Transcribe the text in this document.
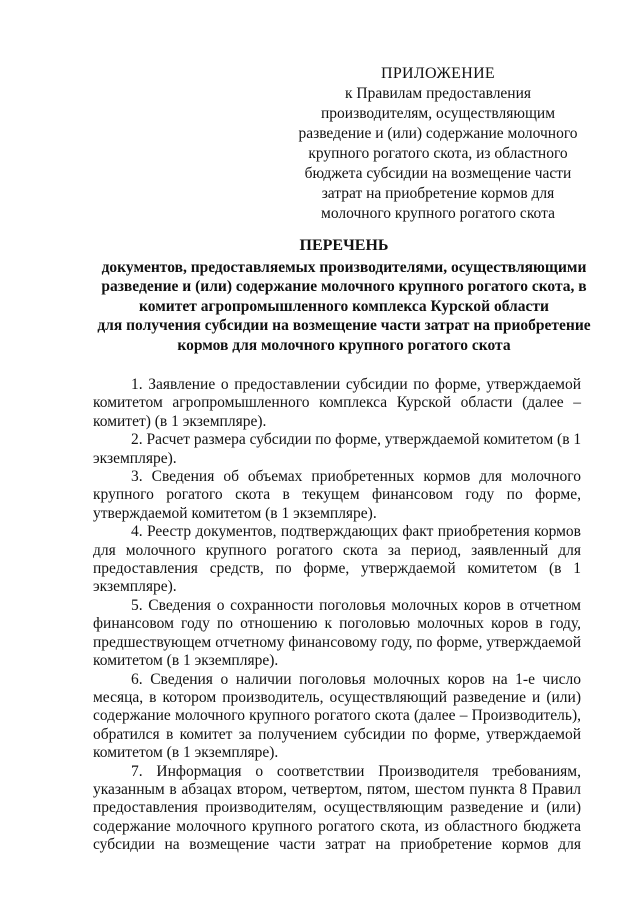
ПРИЛОЖЕНИЕ
к Правилам предоставления
производителям, осуществляющим
разведение и (или) содержание молочного
крупного рогатого скота, из областного
бюджета субсидии на возмещение части
затрат на приобретение кормов для
молочного крупного рогатого скота
ПЕРЕЧЕНЬ
документов, предоставляемых производителями, осуществляющими
разведение и (или) содержание молочного крупного рогатого скота, в
комитет агропромышленного комплекса Курской области
для получения субсидии на возмещение части затрат на приобретение
кормов для молочного крупного рогатого скота
1. Заявление о предоставлении субсидии по форме, утверждаемой
комитетом агропромышленного комплекса Курской области (далее –
комитет) (в 1 экземпляре).
2. Расчет размера субсидии по форме, утверждаемой комитетом (в 1
экземпляре).
3. Сведения об объемах приобретенных кормов для молочного
крупного рогатого скота в текущем финансовом году по форме,
утверждаемой комитетом (в 1 экземпляре).
4. Реестр документов, подтверждающих факт приобретения кормов
для молочного крупного рогатого скота за период, заявленный для
предоставления средств, по форме, утверждаемой комитетом (в 1
экземпляре).
5. Сведения о сохранности поголовья молочных коров в отчетном
финансовом году по отношению к поголовью молочных коров в году,
предшествующем отчетному финансовому году, по форме, утверждаемой
комитетом (в 1 экземпляре).
6. Сведения о наличии поголовья молочных коров на 1-е число
месяца, в котором производитель, осуществляющий разведение и (или)
содержание молочного крупного рогатого скота (далее – Производитель),
обратился в комитет за получением субсидии по форме, утверждаемой
комитетом (в 1 экземпляре).
7. Информация о соответствии Производителя требованиям,
указанным в абзацах втором, четвертом, пятом, шестом пункта 8 Правил
предоставления производителям, осуществляющим разведение и (или)
содержание молочного крупного рогатого скота, из областного бюджета
субсидии на возмещение части затрат на приобретение кормов для
